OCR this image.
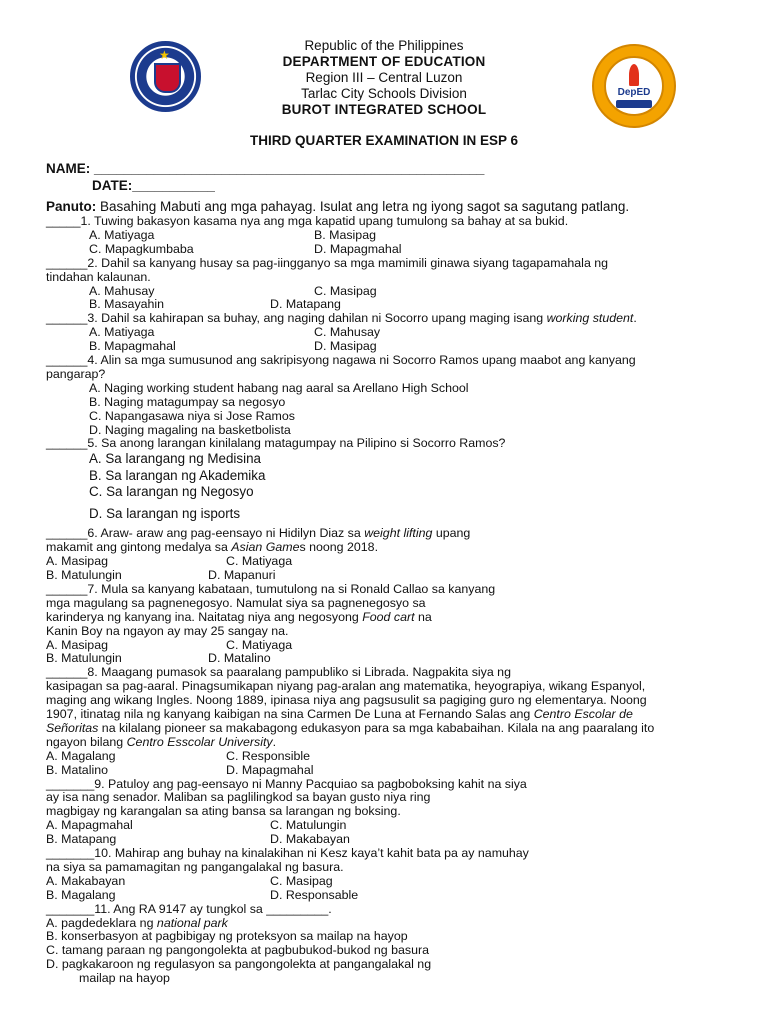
★
DepED
Republic of the Philippines
DEPARTMENT OF EDUCATION
Region III – Central Luzon
Tarlac City Schools Division
BUROT INTEGRATED SCHOOL
THIRD QUARTER EXAMINATION IN ESP 6
NAME: ____________________________________________________
DATE:___________
Panuto: Basahing Mabuti ang mga pahayag. Isulat ang letra ng iyong sagot sa sagutang patlang.
_____1. Tuwing bakasyon kasama nya ang mga kapatid upang tumulong sa bahay at sa bukid.
A. Matiyaga	B. Masipag
C. Mapagkumbaba	D. Mapagmahal
______2. Dahil sa kanyang husay sa pag-iingganyo sa mga mamimili ginawa siyang tagapamahala ng
tindahan kalaunan.
A. Mahusay	C. Masipag
B. Masayahin	D. Matapang
______3. Dahil sa kahirapan sa buhay, ang naging dahilan ni Socorro upang maging isang working student.
A. Matiyaga	C. Mahusay
B. Mapagmahal	D. Masipag
______4. Alin sa mga sumusunod ang sakripisyong nagawa ni Socorro Ramos upang maabot ang kanyang
pangarap?
A. Naging working student habang nag aaral sa Arellano High School
B. Naging matagumpay sa negosyo
C. Napangasawa niya si Jose Ramos
D. Naging magaling na basketbolista
______5. Sa anong larangan kinilalang matagumpay na Pilipino si Socorro Ramos?
A. Sa larangang ng Medisina
B. Sa larangan ng Akademika
C. Sa larangan ng Negosyo
D. Sa larangan ng isports
______6. Araw- araw ang pag-eensayo ni Hidilyn Diaz sa weight lifting upang
makamit ang gintong medalya sa Asian Games noong 2018.
A. Masipag	C. Matiyaga
B. Matulungin	D. Mapanuri
______7. Mula sa kanyang kabataan, tumutulong na si Ronald Callao sa kanyang
mga magulang sa pagnenegosyo. Namulat siya sa pagnenegosyo sa
karinderya ng kanyang ina. Naitatag niya ang negosyong Food cart na
Kanin Boy na ngayon ay may 25 sangay na.
A. Masipag	C. Matiyaga
B. Matulungin	D. Matalino
______8. Maagang pumasok sa paaralang pampubliko si Librada. Nagpakita siya ng
kasipagan sa pag-aaral. Pinagsumikapan niyang pag-aralan ang matematika, heyograpiya, wikang Espanyol,
maging ang wikang Ingles. Noong 1889, ipinasa niya ang pagsusulit sa pagiging guro ng elementarya. Noong
1907, itinatag nila ng kanyang kaibigan na sina Carmen De Luna at Fernando Salas ang Centro Escolar de
Señoritas na kilalang pioneer sa makabagong edukasyon para sa mga kababaihan. Kilala na ang paaralang ito
ngayon bilang Centro Esscolar University.
A. Magalang	C. Responsible
B. Matalino	D. Mapagmahal
_______9. Patuloy ang pag-eensayo ni Manny Pacquiao sa pagboboksing kahit na siya
ay isa nang senador. Maliban sa paglilingkod sa bayan gusto niya ring
magbigay ng karangalan sa ating bansa sa larangan ng boksing.
A. Mapagmahal	C. Matulungin
B. Matapang	D. Makabayan
_______10. Mahirap ang buhay na kinalakihan ni Kesz kaya’t kahit bata pa ay namuhay
na siya sa pamamagitan ng pangangalakal ng basura.
A. Makabayan	C. Masipag
B. Magalang	D. Responsable
_______11. Ang RA 9147 ay tungkol sa _________.
A. pagdedeklara ng national park
B. konserbasyon at pagbibigay ng proteksyon sa mailap na hayop
C. tamang paraan ng pangongolekta at pagbubukod-bukod ng basura
D. pagkakaroon ng regulasyon sa pangongolekta at pangangalakal ng
mailap na hayop
